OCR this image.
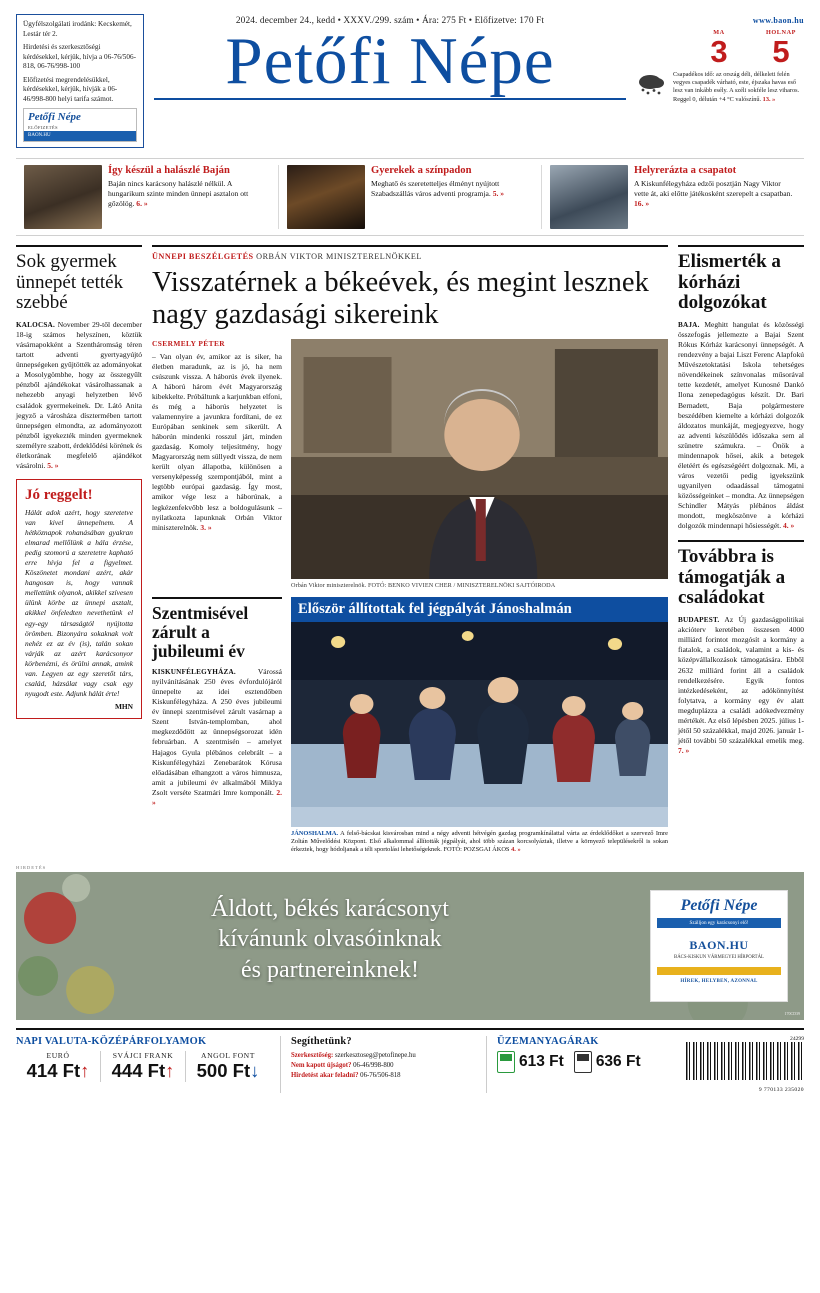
Ügyfélszolgálati irodánk: Kecskemét, Lestár tér 2.
Hirdetési és szerkesztőségi kérdésekkel, kérjük, hívja a 06-76/506-818, 06-76/998-100
Előfizetési megrendelésükkel, kérdésekkel, kérjük, hívják a 06-46/998-800 helyi tarifa számot.
Petőfi Népe
ELŐFIZETÉS
BAON.HU
2024. december 24., kedd • XXXV./299. szám • Ára: 275 Ft • Előfizetve: 170 Ft
Petőfi Népe
www.baon.hu
MA
3
HOLNAP
5
Csapadékos idő: az ország déli, délkeleti felén vegyes csapadék várható, este, éjszaka havas eső lesz van inkább esély. A széli sokféle lesz viharos. Reggel 0, délután +4 °C valószínű. 13. »
Így készül a halászlé Baján
Baján nincs karácsony halászlé nélkül. A hungarikum szinte minden ünnepi asztalon ott gőzölög. 6. »
Gyerekek a színpadon
Meghatő és szeretetteljes élményt nyújtott Szabadszállás város adventi programja. 5. »
Helyrerázta a csapatot
A Kiskunfélegyháza edzői posztján Nagy Viktor vette át, aki előtte játékosként szerepelt a csapatban. 16. »
Sok gyermek ünnepét tették szebbé
KALOCSA. November 29-től december 18-ig számos helyszínen, köztük vásárnapokként a Szentháromság téren tartott adventi gyertyagyújtó ünnepségeken gyűjtötték az adományokat a Mosolygömbhe, hogy az összegyűlt pénzből ajándékokat vásárolhassanak a nehezebb anyagi helyzetben lévő családok gyermekeinek. Dr. Látó Anita jegyző a városháza dísztermében tartott ünnepségen elmondta, az adományozott pénzből igyekezték minden gyermeknek személyre szabott, érdeklődési körének és életkorának megfelelő ajándékot vásárolni. 5. »
Jó reggelt!
Hálát adok azért, hogy szeretetve van kivel ünnepelnem. A hétköznapok rohanásában gyakran elmarad mellőlünk a hála érzése, pedig szomorú a szeretetre kapható erre hívja fel a figyelmet. Köszönetet mondani azért, akár hangosan is, hogy vannak mellettünk olyanok, akikkel szívesen ülünk körbe az ünnepi asztalt, akikkel önfeledten nevethetünk el egy-egy társaságtól nyújtotta örömben. Bizonyára sokaknak volt nehéz ez az év (is), talán sokan várják az azért karácsonyor körbenézni, és örülni annak, amink van. Legyen az egy szeretőt társ, család, házsálat vagy csak egy nyugodt este. Adjunk hálát érte!
MHN
ÜNNEPI BESZÉLGETÉS ORBÁN VIKTOR MINISZTERELNÖKKEL
Visszatérnek a békeévek, és megint lesznek nagy gazdasági sikereink
CSERMELY PÉTER
– Van olyan év, amikor az is siker, ha életben maradunk, az is jó, ha nem csúszunk vissza. A háborús évek ilyenek. A háború három évét Magyarország kibekkelte. Próbáltunk a karjunkban elfoni, és még a háborús helyzetet is valamennyire a javunkra fordítani, de ez Európában senkinek sem sikerült. A háborún mindenki rosszul járt, minden gazdaság. Komoly teljesítmény, hogy Magyarország nem süllyedt vissza, de nem került olyan állapotba, különösen a versenyképesség szempontjából, mint a legtöbb európai gazdaság. Így most, amikor vége lesz a háborúnak, a legkézenfekvőbb lesz a boldogulásunk – nyilatkozta lapunknak Orbán Viktor miniszterelnök. 3. »
Orbán Viktor miniszterelnök. FOTÓ: BENKO VIVIEN CHER / MINISZTERELNÖKI SAJTÓIRODA
Szentmisével zárult a jubileumi év
KISKUNFÉLEGYHÁZA. Várossá nyilvánításának 250 éves évfordulójáról ünnepelte az idei esztendőben Kiskunfélegyháza. A 250 éves jubileumi év ünnepi szentmisével zárult vasárnap a Szent István-templomban, ahol megkezdődött az ünnepségsorozat idén februárban. A szentmisén – amelyet Hajagos Gyula plébános celebrált – a Kiskunfélegyházi Zenebarátok Kórusa előadásában elhangzott a város himnusza, amit a jubileumi év alkalmából Miklya Zsolt verséte Szatmári Imre komponált. 2. »
Először állítottak fel jégpályát Jánoshalmán
JÁNOSHALMA. A felső-bácskai kisvárosban mind a négy adventi hétvégén gazdag programkínálattal várta az érdeklődőket a szervező Imre Zoltán Művelődési Központ. Első alkalommal állították jégpályát, ahol több százan korcsolyáztak, illetve a környező településekről is sokan érkeztek, hogy hódoljanak a téli sportolási lehetőségeknek. FOTÓ: POZSGAI ÁKOS 4. »
Elismerték a kórházi dolgozókat
BAJA. Meghitt hangulat és közösségi összefogás jellemezte a Bajai Szent Rókus Kórház karácsonyi ünnepségét. A rendezvény a bajai Liszt Ferenc Alapfokú Művészetoktatási Iskola tehetséges növendékeinek színvonalas műsorával tette kezdetét, amelyet Kunosné Dankó Ilona zenepedagógus készít. Dr. Bari Bernadett, Baja polgármestere beszédében kiemelte a kórházi dolgozók áldozatos munkáját, megjegyezve, hogy az adventi készülődés időszaka sem al szünetre számukra. – Önök a mindennapok hősei, akik a betegek életéért és egészségéért dolgoznak. Mi, a város vezetői pedig igyekszünk ugyanilyen odaadással támogatni közösségeinket – mondta. Az ünnepségen Schindler Mátyás plébános áldást mondott, megköszönve a kórházi dolgozók mindennapi hősiességét. 4. »
Továbbra is támogatják a családokat
BUDAPEST. Az Új gazdaságpolitikai akcióterv keretében összesen 4000 milliárd forintot mozgósít a kormány a fiatalok, a családok, valamint a kis- és középvállalkozások támogatására. Ebből 2632 milliárd forint áll a családok rendelkezésére. Egyik fontos intézkedéseként, az adókönnyítést folytatva, a kormány egy év alatt megduplázza a családi adókedvezmény mértékét. Az első lépésben 2025. július 1-jétől 50 százalékkal, majd 2026. január 1-jétől további 50 százalékkal emelik meg. 7. »
HIRDETÉS
Áldott, békés karácsonyt
kívánunk olvasóinknak
és partnereinknek!
Petőfi Népe
Szálljon egy karácsonyi elő!
BAON.HU
BÁCS-KISKUN VÁRMEGYEI HÍRPORTÁL
HÍREK, HELYBEN, AZONNAL
170CD39
NAPI VALUTA-KÖZÉPÁRFOLYAMOK
EURÓ
414 Ft↑
SVÁJCI FRANK
444 Ft↑
ANGOL FONT
500 Ft↓
Segíthetünk?
Szerkesztőség: szerkesztoseg@petofinepe.hu
Nem kapott újságot? 06-46/998-800
Hirdetést akar feladni? 06-76/506-818
ÜZEMANYAGÁRAK
613 Ft 636 Ft
24299
9 770133 235020
